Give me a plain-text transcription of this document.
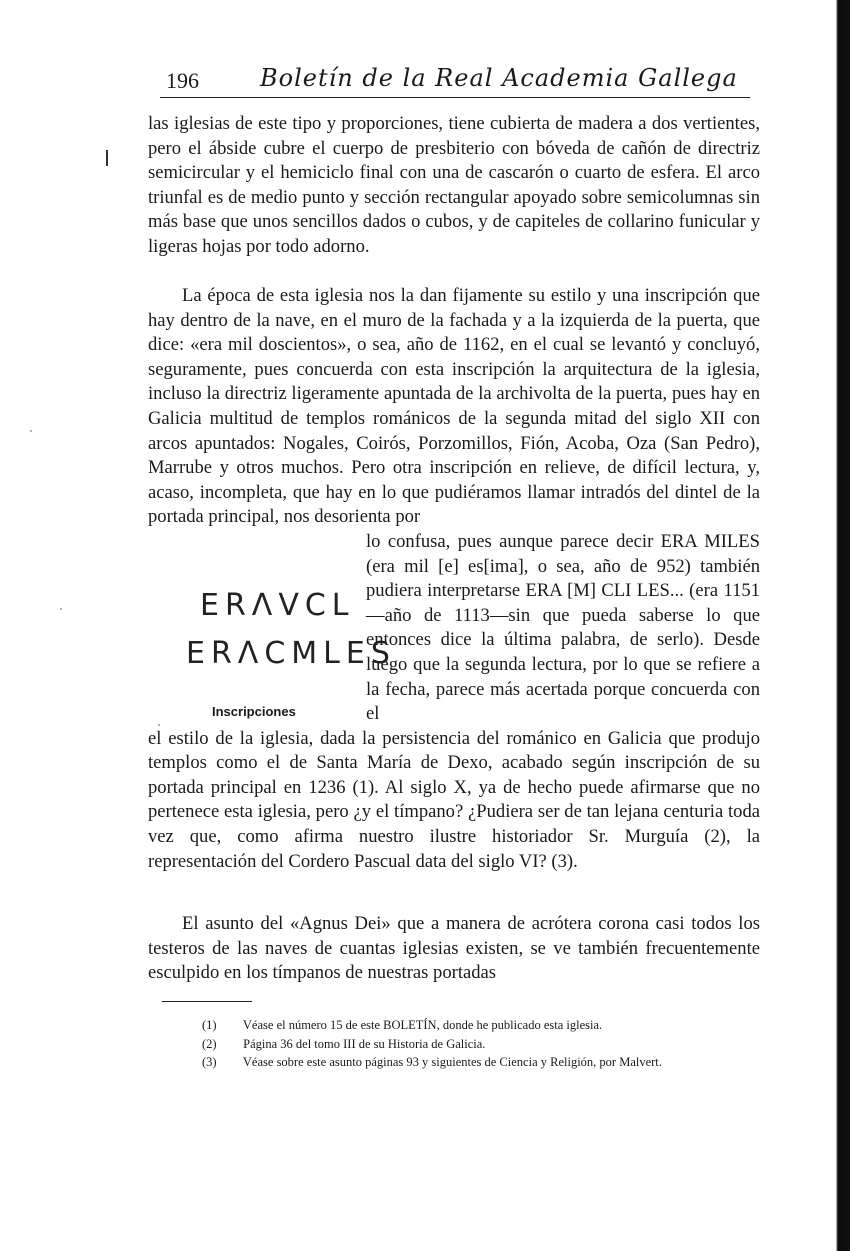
196	Boletín de la Real Academia Gallega

las iglesias de este tipo y proporciones, tiene cubierta de madera a dos vertientes, pero el ábside cubre el cuerpo de presbiterio con bóveda de cañón de directriz semicircular y el hemiciclo final con una de cascarón o cuarto de esfera. El arco triunfal es de medio punto y sección rectangular apoyado sobre semicolumnas sin más base que unos sencillos dados o cubos, y de capiteles de collarino funicular y ligeras hojas por todo adorno.

La época de esta iglesia nos la dan fijamente su estilo y una inscripción que hay dentro de la nave, en el muro de la fachada y a la izquierda de la puerta, que dice: «era mil doscientos», o sea, año de 1162, en el cual se levantó y concluyó, seguramente, pues concuerda con esta inscripción la arquitectura de la iglesia, incluso la directriz ligeramente apuntada de la archivolta de la puerta, pues hay en Galicia multitud de templos románicos de la segunda mitad del siglo XII con arcos apuntados: Nogales, Coirós, Porzomillos, Fión, Acoba, Oza (San Pedro), Marrube y otros muchos. Pero otra inscripción en relieve, de difícil lectura, y, acaso, incompleta, que hay en lo que pudiéramos llamar intradós del dintel de la portada principal, nos desorienta por
lo confusa, pues aunque parece decir ERA MILES (era mil [e] es[ima], o sea, año de 952) también pudiera interpretarse ERA [M] CLI LES... (era 1151—año de 1113—sin que pueda saberse lo que entonces dice la última palabra, de serlo). Desde luego que la segunda lectura, por lo que se refiere a la fecha, parece más acertada porque concuerda con el
el estilo de la iglesia, dada la persistencia del románico en Galicia que produjo templos como el de Santa María de Dexo, acabado según inscripción de su portada principal en 1236 (1). Al siglo X, ya de hecho puede afirmarse que no pertenece esta iglesia, pero ¿y el tímpano? ¿Pudiera ser de tan lejana centuria toda vez que, como afirma nuestro ilustre historiador Sr. Murguía (2), la representación del Cordero Pascual data del siglo VI? (3).
ERΛVCL
ERΛCMLES
Inscripciones

El asunto del «Agnus Dei» que a manera de acrótera corona casi todos los testeros de las naves de cuantas iglesias existen, se ve también frecuentemente esculpido en los tímpanos de nuestras portadas

(1) Véase el número 15 de este BOLETÍN, donde he publicado esta iglesia.

(2) Página 36 del tomo III de su Historia de Galicia.

(3) Véase sobre este asunto páginas 93 y siguientes de Ciencia y Religión, por Malvert.
